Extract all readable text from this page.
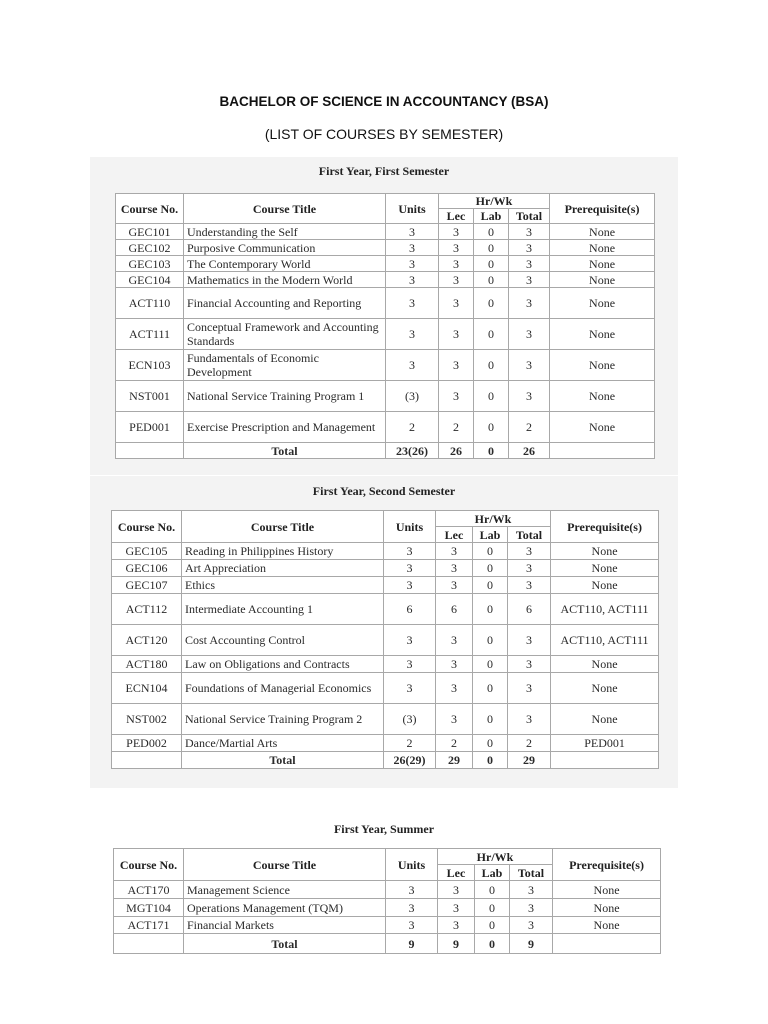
BACHELOR OF SCIENCE IN ACCOUNTANCY (BSA)
(LIST OF COURSES BY SEMESTER)
First Year, First Semester
Course No.	Course Title	Units	Hr/Wk			Prerequisite(s)
			Lec	Lab	Total	
GEC101	Understanding the Self	3	3	0	3	None
GEC102	Purposive Communication	3	3	0	3	None
GEC103	The Contemporary World	3	3	0	3	None
GEC104	Mathematics in the Modern World	3	3	0	3	None
ACT110	Financial Accounting and Reporting	3	3	0	3	None
ACT111	Conceptual Framework and Accounting Standards	3	3	0	3	None
ECN103	Fundamentals of Economic Development	3	3	0	3	None
NST001	National Service Training Program 1	(3)	3	0	3	None
PED001	Exercise Prescription and Management	2	2	0	2	None
	Total	23(26)	26	0	26	
First Year, Second Semester
Course No.	Course Title	Units	Hr/Wk			Prerequisite(s)
			Lec	Lab	Total	
GEC105	Reading in Philippines History	3	3	0	3	None
GEC106	Art Appreciation	3	3	0	3	None
GEC107	Ethics	3	3	0	3	None
ACT112	Intermediate Accounting 1	6	6	0	6	ACT110, ACT111
ACT120	Cost Accounting Control	3	3	0	3	ACT110, ACT111
ACT180	Law on Obligations and Contracts	3	3	0	3	None
ECN104	Foundations of Managerial Economics	3	3	0	3	None
NST002	National Service Training Program 2	(3)	3	0	3	None
PED002	Dance/Martial Arts	2	2	0	2	PED001
	Total	26(29)	29	0	29	
First Year, Summer
Course No.	Course Title	Units	Hr/Wk			Prerequisite(s)
			Lec	Lab	Total	
ACT170	Management Science	3	3	0	3	None
MGT104	Operations Management (TQM)	3	3	0	3	None
ACT171	Financial Markets	3	3	0	3	None
	Total	9	9	0	9	
